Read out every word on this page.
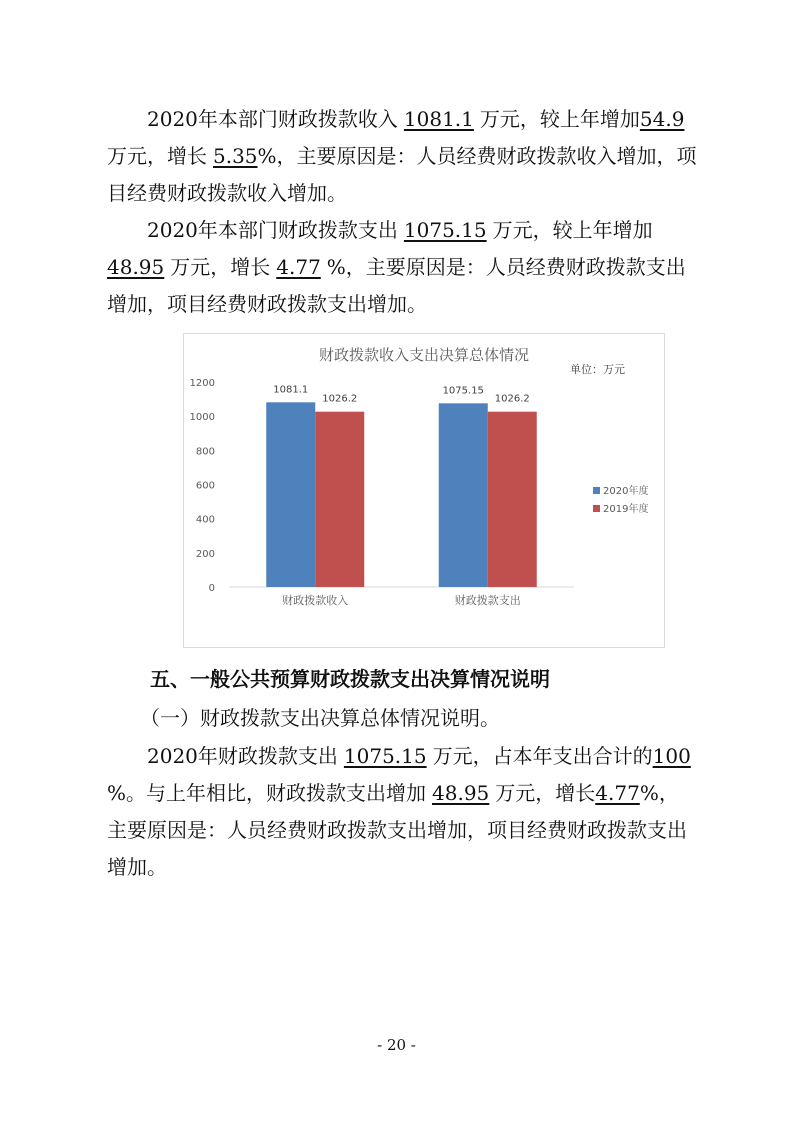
2020年本部门财政拨款收入 1081.1 万元，较上年增加54.9万元，增长 5.35%，主要原因是：人员经费财政拨款收入增加，项目经费财政拨款收入增加。

2020年本部门财政拨款支出 1075.15 万元，较上年增加48.95 万元，增长 4.77 %，主要原因是：人员经费财政拨款支出增加，项目经费财政拨款支出增加。

财政拨款收入支出决算总体情况
单位：万元
0
200
400
600
800
1000
1200
财政拨款收入
1081.1
1026.2
财政拨款支出
1075.15
1026.2
2020年度
2019年度
五、一般公共预算财政拨款支出决算情况说明
（一）财政拨款支出决算总体情况说明。

2020年财政拨款支出 1075.15 万元，占本年支出合计的100%。与上年相比，财政拨款支出增加 48.95 万元，增长4.77%，主要原因是：人员经费财政拨款支出增加，项目经费财政拨款支出增加。

- 20 -
